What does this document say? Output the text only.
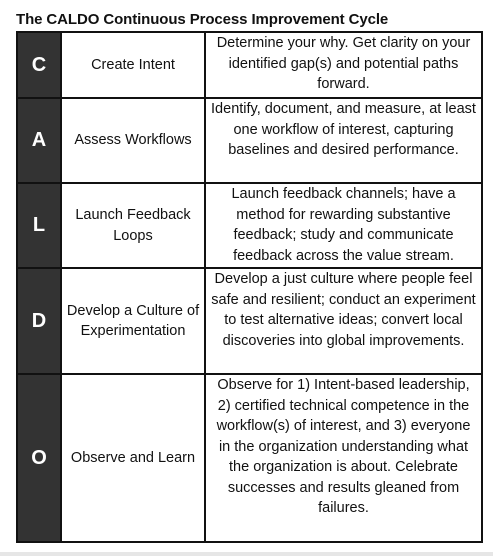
The CALDO Continuous Process Improvement Cycle
C	Create Intent	Determine your why. Get clarity on your identified gap(s) and potential paths forward.

A	Assess Workflows	Identify, document, and measure, at least one workflow of interest, capturing baselines and desired performance.

L	Launch Feedback Loops	Launch feedback channels; have a method for rewarding substantive feedback; study and communicate feedback across the value stream.

D	Develop a Culture of Experimentation	Develop a just culture where people feel safe and resilient; conduct an experiment to test alternative ideas; convert local discoveries into global improvements.

O	Observe and Learn	Observe for 1) Intent-based leadership, 2) certified technical competence in the workflow(s) of interest, and 3) everyone in the organization understanding what the organization is about. Celebrate successes and results gleaned from failures.
